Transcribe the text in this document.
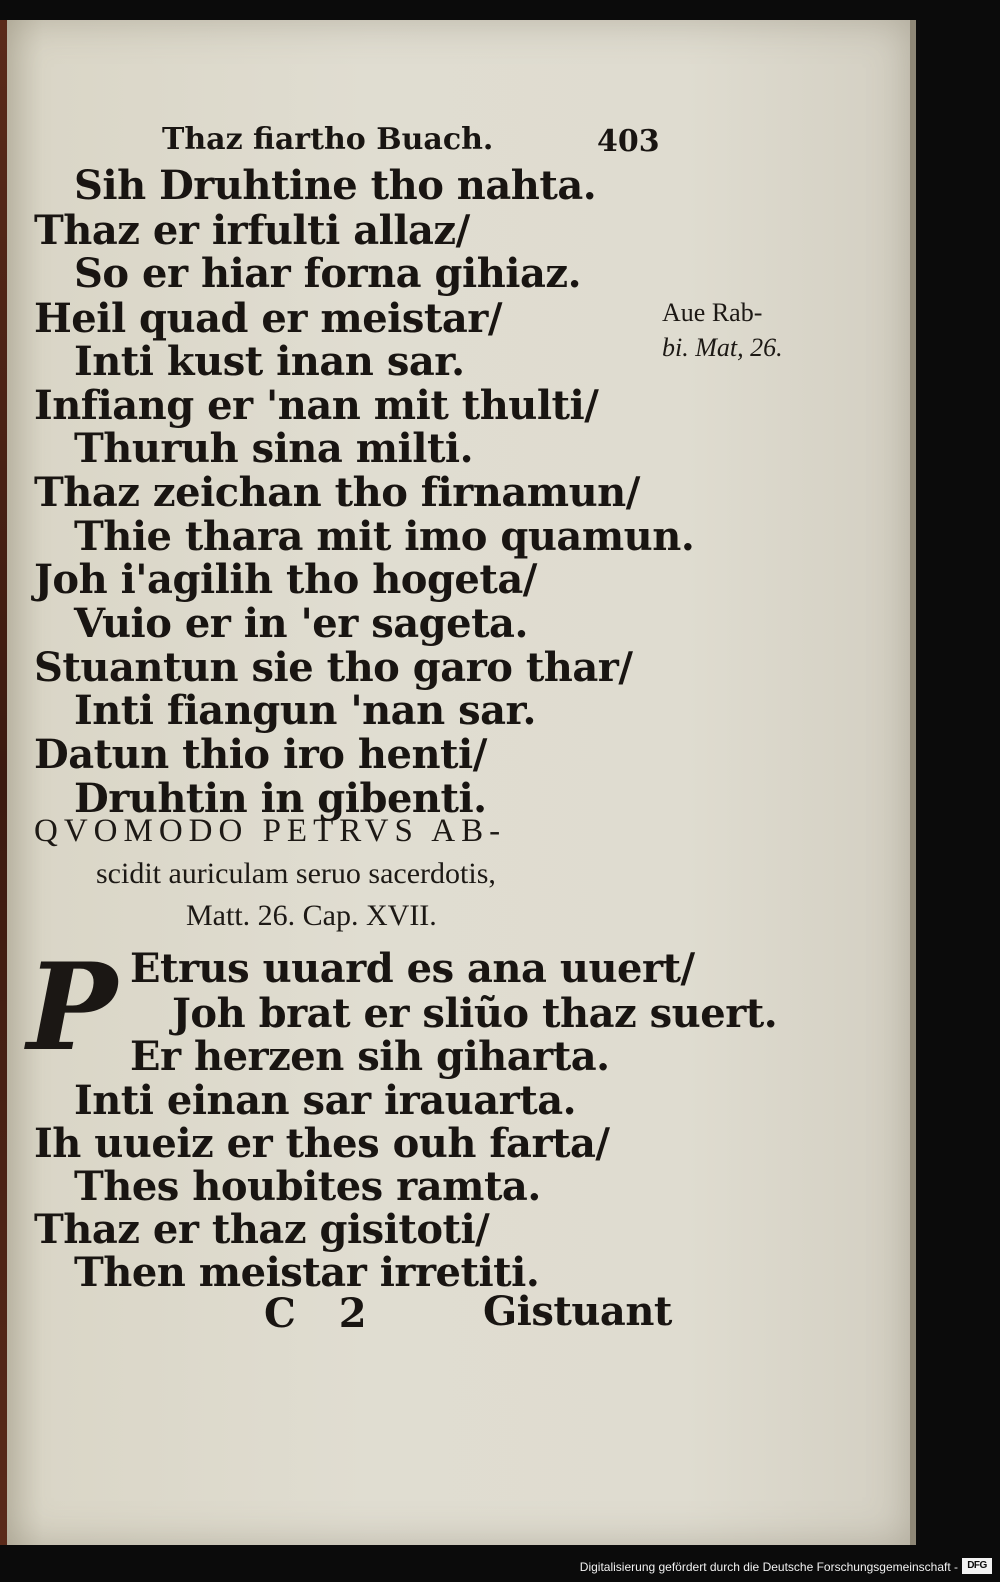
Thaz fiartho Buach.	403
Sih Druhtine tho nahta.
Thaz er irfulti allaz/
So er hiar forna gihiaz.
Heil quad er meistar/
Inti kust inan sar.
Infiang er 'nan mit thulti/
Thuruh sina milti.
Thaz zeichan tho firnamun/
Thie thara mit imo quamun.
Joh i'agilih tho hogeta/
Vuio er in 'er sageta.
Stuantun sie tho garo thar/
Inti fiangun 'nan sar.
Datun thio iro henti/
Druhtin in gibenti.
Aue Rab-
bi. Mat, 26.
QVOMODO PETRVS AB-
scidit auriculam seruo sacerdotis,
Matt. 26. Cap. XVII.
P Etrus uuard es ana uuert/
Joh brat er sliũo thaz suert.
Er herzen sih giharta.
Inti einan sar irauarta.
Ih uueiz er thes ouh farta/
Thes houbites ramta.
Thaz er thaz gisitoti/
Then meistar irretiti.
C 2	Gistuant
Digitalisierung gefördert durch die Deutsche Forschungsgemeinschaft - DFG
